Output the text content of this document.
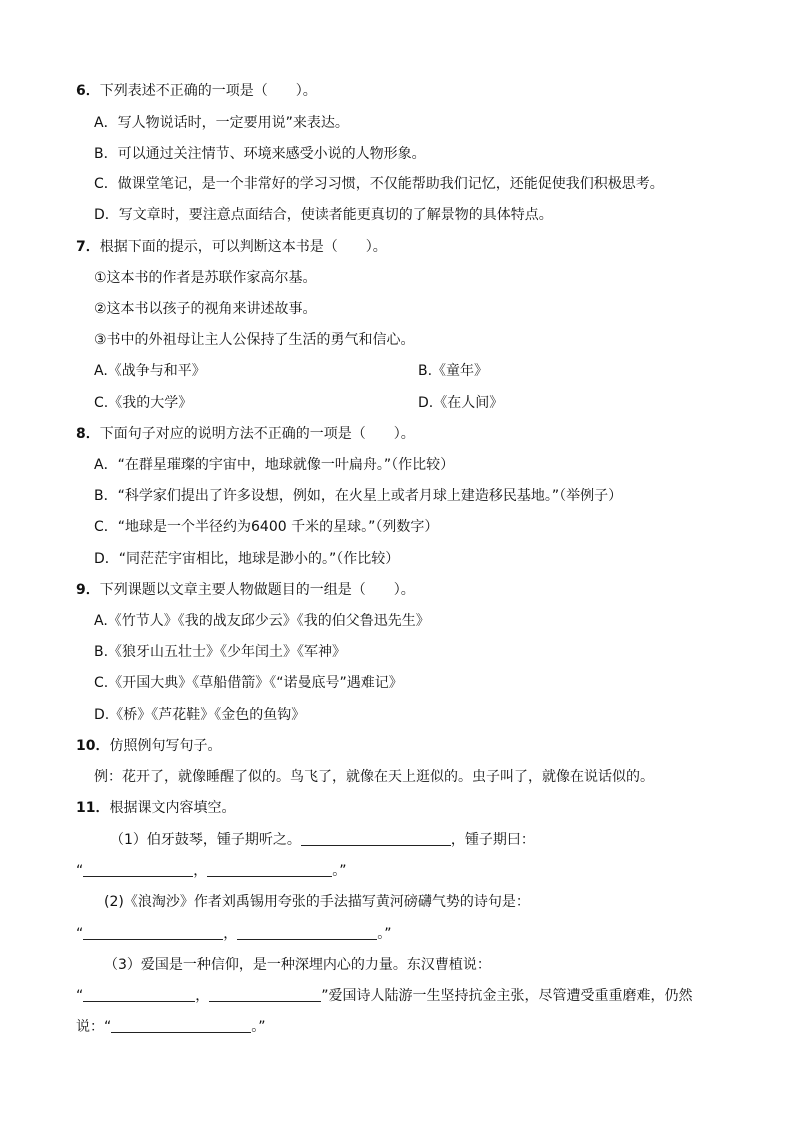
6．下列表述不正确的一项是（　　）。
A．写人物说话时，一定要用说”来表达。
B．可以通过关注情节、环境来感受小说的人物形象。
C．做课堂笔记，是一个非常好的学习习惯，不仅能帮助我们记忆，还能促使我们积极思考。
D．写文章时，要注意点面结合，使读者能更真切的了解景物的具体特点。
7．根据下面的提示，可以判断这本书是（　　）。
①这本书的作者是苏联作家高尔基。
②这本书以孩子的视角来讲述故事。
③书中的外祖母让主人公保持了生活的勇气和信心。
A.《战争与和平》	B.《童年》
C.《我的大学》	D.《在人间》
8．下面句子对应的说明方法不正确的一项是（　　）。
A．“在群星璀璨的宇宙中，地球就像一叶扁舟。”（作比较）
B．“科学家们提出了许多设想，例如，在火星上或者月球上建造移民基地。”（举例子）
C．“地球是一个半径约为6400 千米的星球。”（列数字）
D．“同茫茫宇宙相比，地球是渺小的。”（作比较）
9．下列课题以文章主要人物做题目的一组是（　　）。
A.《竹节人》《我的战友邱少云》《我的伯父鲁迅先生》
B.《狼牙山五壮士》《少年闰土》《军神》
C.《开国大典》《草船借箭》《“诺曼底号”遇难记》
D.《桥》《芦花鞋》《金色的鱼钩》
10．仿照例句写句子。
例：花开了，就像睡醒了似的。鸟飞了，就像在天上逛似的。虫子叫了，就像在说话似的。
11．根据课文内容填空。
（1）伯牙鼓琴，锺子期听之。	，锺子期曰：
“	，	。”
(2)《浪淘沙》作者刘禹锡用夸张的手法描写黄河磅礴气势的诗句是：
“	，	。”
（3）爱国是一种信仰，是一种深埋内心的力量。东汉曹植说：
“	，	”爱国诗人陆游一生坚持抗金主张，尽管遭受重重磨难，仍然
说：“	。”
